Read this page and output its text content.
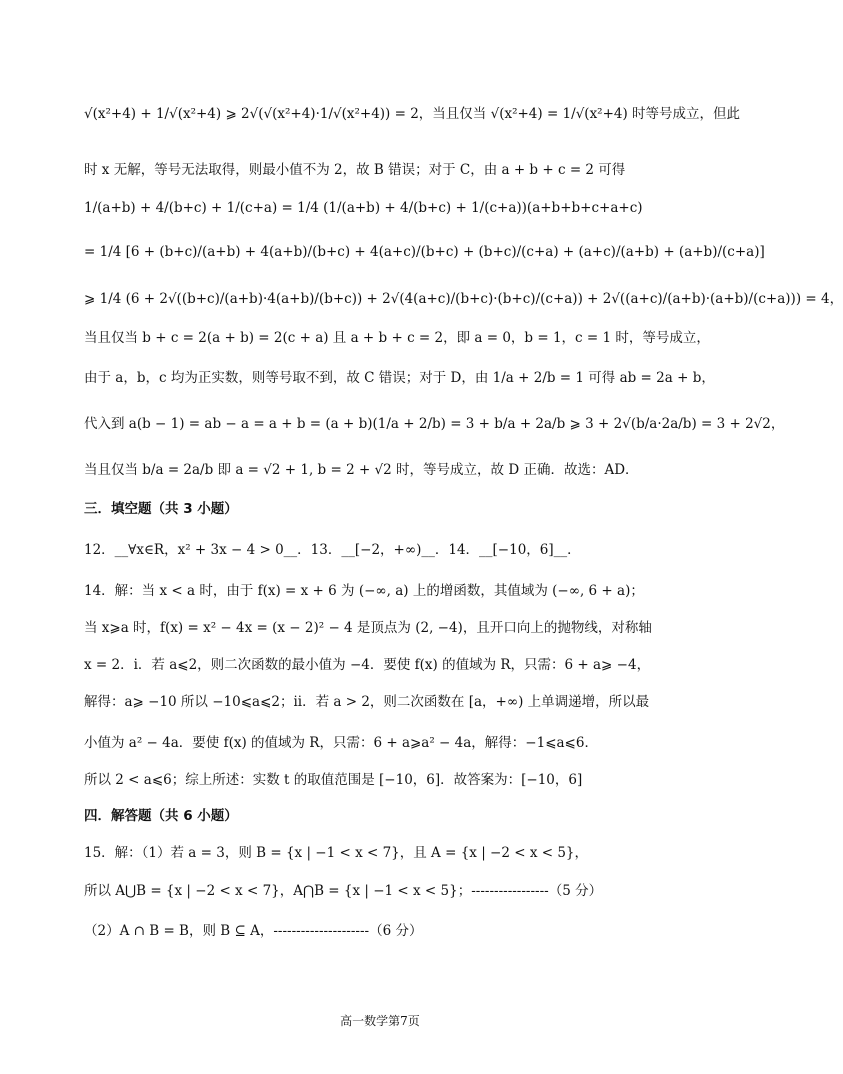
√(x²+4) + 1/√(x²+4) ⩾ 2√(√(x²+4)·1/√(x²+4)) = 2，当且仅当 √(x²+4) = 1/√(x²+4) 时等号成立，但此
时 x 无解，等号无法取得，则最小值不为 2，故 B 错误；对于 C，由 a + b + c = 2 可得
1/(a+b) + 4/(b+c) + 1/(c+a) = 1/4 (1/(a+b) + 4/(b+c) + 1/(c+a))(a+b+b+c+a+c)
= 1/4 [6 + (b+c)/(a+b) + 4(a+b)/(b+c) + 4(a+c)/(b+c) + (b+c)/(c+a) + (a+c)/(a+b) + (a+b)/(c+a)]
⩾ 1/4 (6 + 2√((b+c)/(a+b)·4(a+b)/(b+c)) + 2√(4(a+c)/(b+c)·(b+c)/(c+a)) + 2√((a+c)/(a+b)·(a+b)/(c+a))) = 4，
当且仅当 b + c = 2(a + b) = 2(c + a) 且 a + b + c = 2，即 a = 0，b = 1，c = 1 时，等号成立，
由于 a，b，c 均为正实数，则等号取不到，故 C 错误；对于 D，由 1/a + 2/b = 1 可得 ab = 2a + b，
代入到 a(b − 1) = ab − a = a + b = (a + b)(1/a + 2/b) = 3 + b/a + 2a/b ⩾ 3 + 2√(b/a·2a/b) = 3 + 2√2，
当且仅当 b/a = 2a/b 即 a = √2 + 1, b = 2 + √2 时，等号成立，故 D 正确．故选：AD．
三．填空题（共 3 小题）
12．__∀x∈R，x² + 3x − 4 > 0__．13．__[−2，+∞)__．14．__[−10，6]__．
14．解：当 x < a 时，由于 f(x) = x + 6 为 (−∞, a) 上的增函数，其值域为 (−∞, 6 + a)；
当 x⩾a 时，f(x) = x² − 4x = (x − 2)² − 4 是顶点为 (2, −4)，且开口向上的抛物线，对称轴
x = 2．i．若 a⩽2，则二次函数的最小值为 −4．要使 f(x) 的值域为 R，只需：6 + a⩾ −4，
解得：a⩾ −10 所以 −10⩽a⩽2；ii．若 a > 2，则二次函数在 [a，+∞) 上单调递增，所以最
小值为 a² − 4a．要使 f(x) 的值域为 R，只需：6 + a⩾a² − 4a，解得：−1⩽a⩽6．
所以 2 < a⩽6；综上所述：实数 t 的取值范围是 [−10，6]．故答案为：[−10，6]
四．解答题（共 6 小题）
15．解：（1）若 a = 3，则 B = {x | −1 < x < 7}，且 A = {x | −2 < x < 5}，
所以 A⋃B = {x | −2 < x < 7}，A⋂B = {x | −1 < x < 5}；-----------------（5 分）
（2）A ∩ B = B，则 B ⊆ A，---------------------（6 分）
高一数学第7页
